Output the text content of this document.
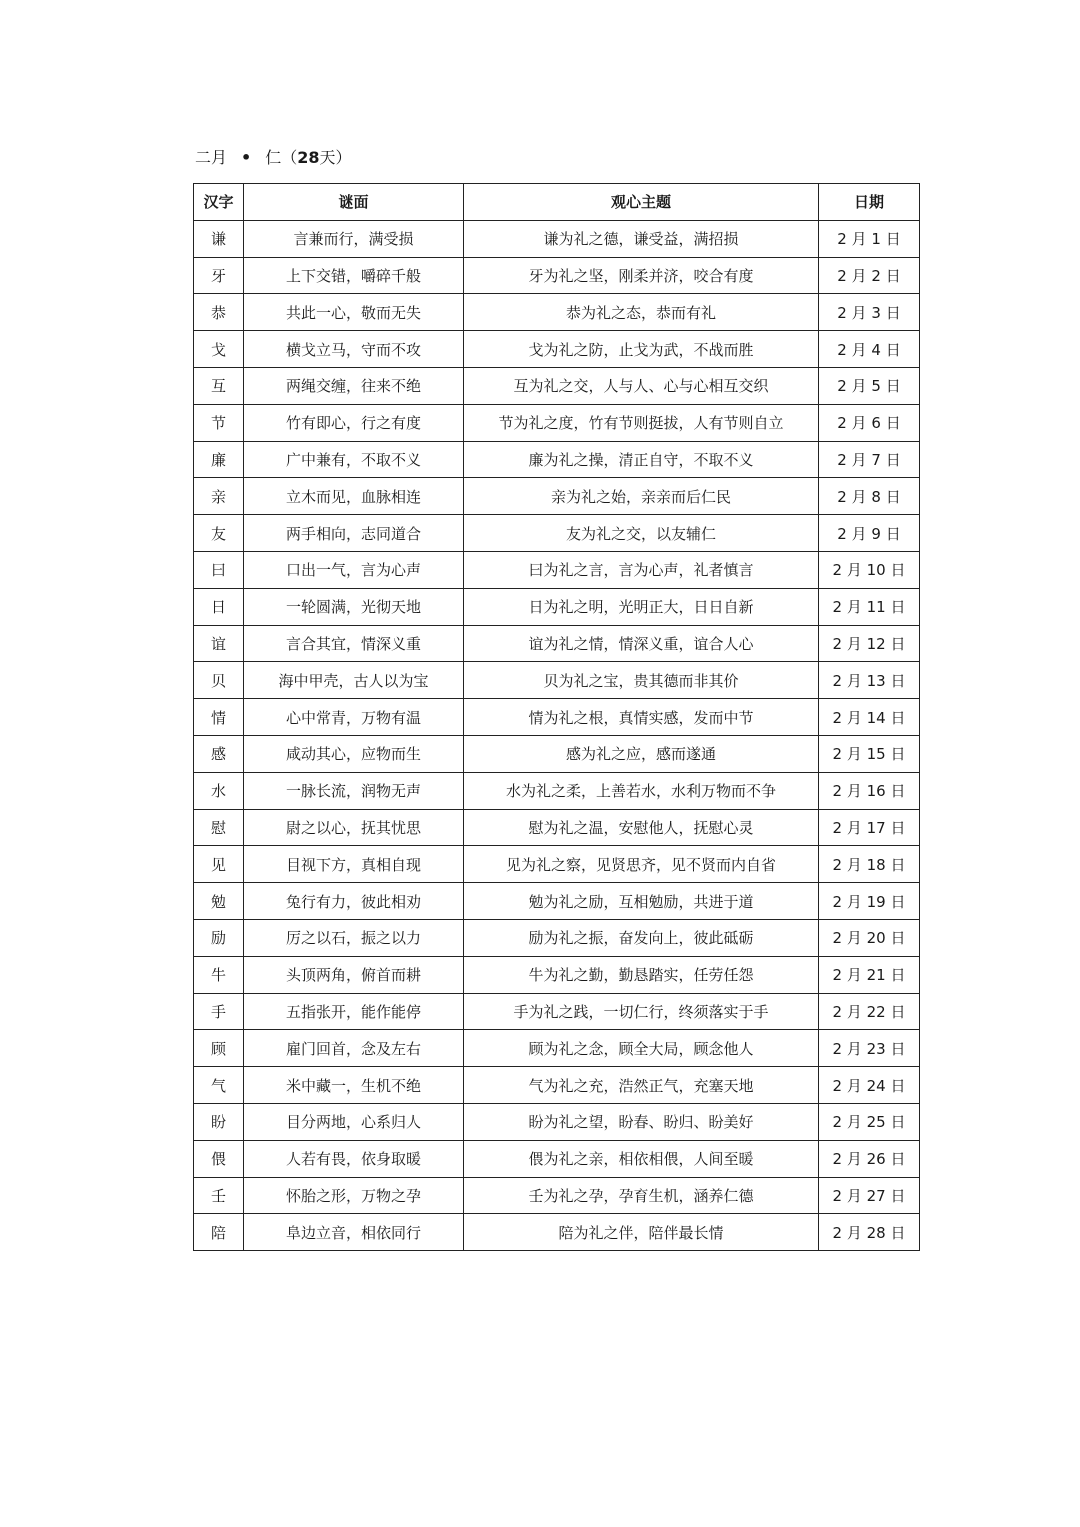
二月 • 仁（28天）
汉字	谜面	观心主题	日期
谦	言兼而行，满受损	谦为礼之德，谦受益，满招损	2 月 1 日
牙	上下交错，嚼碎千般	牙为礼之坚，刚柔并济，咬合有度	2 月 2 日
恭	共此一心，敬而无失	恭为礼之态，恭而有礼	2 月 3 日
戈	横戈立马，守而不攻	戈为礼之防，止戈为武，不战而胜	2 月 4 日
互	两绳交缠，往来不绝	互为礼之交，人与人、心与心相互交织	2 月 5 日
节	竹有即心，行之有度	节为礼之度，竹有节则挺拔，人有节则自立	2 月 6 日
廉	广中兼有，不取不义	廉为礼之操，清正自守，不取不义	2 月 7 日
亲	立木而见，血脉相连	亲为礼之始，亲亲而后仁民	2 月 8 日
友	两手相向，志同道合	友为礼之交，以友辅仁	2 月 9 日
曰	口出一气，言为心声	曰为礼之言，言为心声，礼者慎言	2 月 10 日
日	一轮圆满，光彻天地	日为礼之明，光明正大，日日自新	2 月 11 日
谊	言合其宜，情深义重	谊为礼之情，情深义重，谊合人心	2 月 12 日
贝	海中甲壳，古人以为宝	贝为礼之宝，贵其德而非其价	2 月 13 日
情	心中常青，万物有温	情为礼之根，真情实感，发而中节	2 月 14 日
感	咸动其心，应物而生	感为礼之应，感而遂通	2 月 15 日
水	一脉长流，润物无声	水为礼之柔，上善若水，水利万物而不争	2 月 16 日
慰	尉之以心，抚其忧思	慰为礼之温，安慰他人，抚慰心灵	2 月 17 日
见	目视下方，真相自现	见为礼之察，见贤思齐，见不贤而内自省	2 月 18 日
勉	兔行有力，彼此相劝	勉为礼之励，互相勉励，共进于道	2 月 19 日
励	厉之以石，振之以力	励为礼之振，奋发向上，彼此砥砺	2 月 20 日
牛	头顶两角，俯首而耕	牛为礼之勤，勤恳踏实，任劳任怨	2 月 21 日
手	五指张开，能作能停	手为礼之践，一切仁行，终须落实于手	2 月 22 日
顾	雇门回首，念及左右	顾为礼之念，顾全大局，顾念他人	2 月 23 日
气	米中藏一，生机不绝	气为礼之充，浩然正气，充塞天地	2 月 24 日
盼	目分两地，心系归人	盼为礼之望，盼春、盼归、盼美好	2 月 25 日
偎	人若有畏，依身取暖	偎为礼之亲，相依相偎，人间至暖	2 月 26 日
壬	怀胎之形，万物之孕	壬为礼之孕，孕育生机，涵养仁德	2 月 27 日
陪	阜边立音，相依同行	陪为礼之伴，陪伴最长情	2 月 28 日
